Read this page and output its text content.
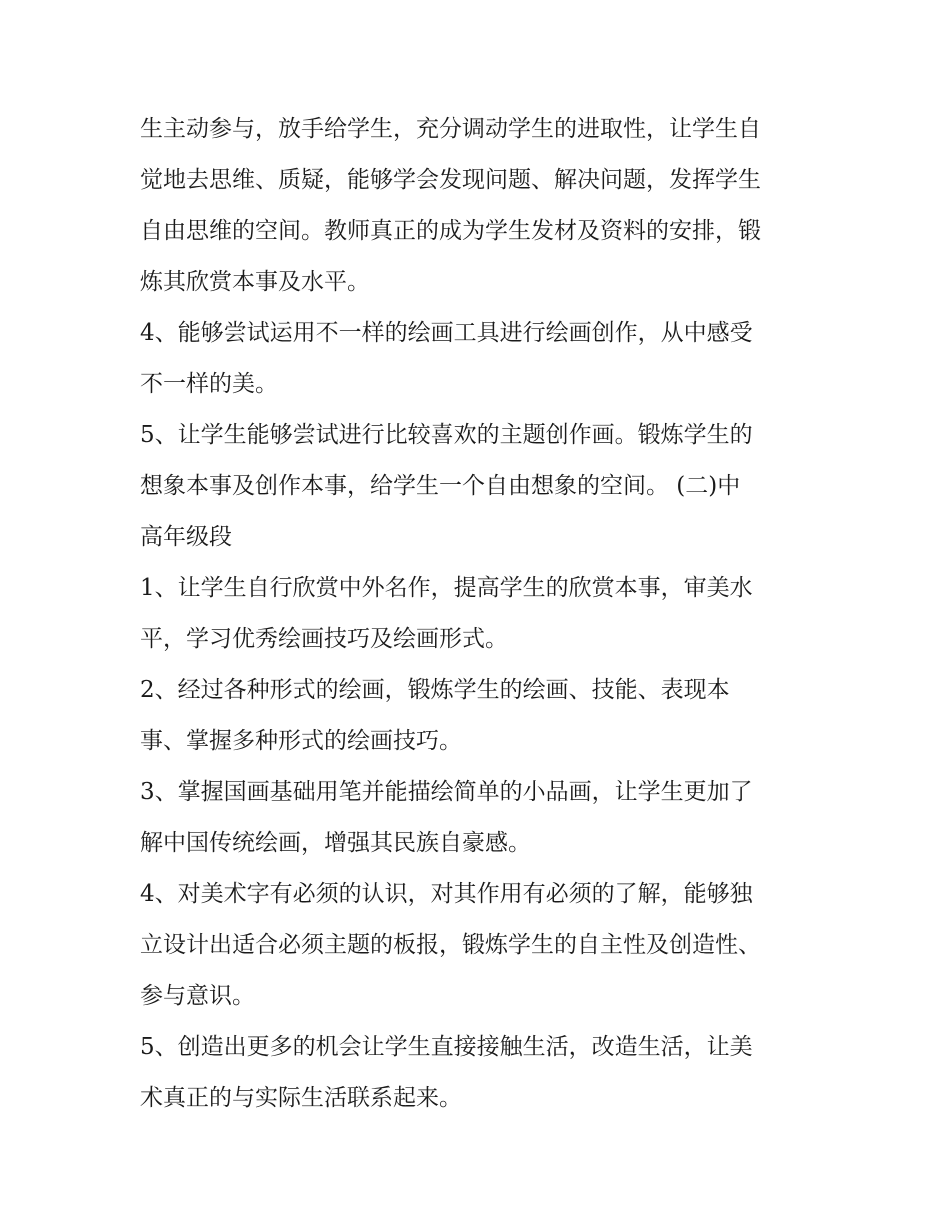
生主动参与，放手给学生，充分调动学生的进取性，让学生自
觉地去思维、质疑，能够学会发现问题、解决问题，发挥学生
自由思维的空间。教师真正的成为学生发材及资料的安排，锻
炼其欣赏本事及水平。
4、能够尝试运用不一样的绘画工具进行绘画创作，从中感受
不一样的美。
5、让学生能够尝试进行比较喜欢的主题创作画。锻炼学生的
想象本事及创作本事，给学生一个自由想象的空间。 (二)中
高年级段
1、让学生自行欣赏中外名作，提高学生的欣赏本事，审美水
平，学习优秀绘画技巧及绘画形式。
2、经过各种形式的绘画，锻炼学生的绘画、技能、表现本
事、掌握多种形式的绘画技巧。
3、掌握国画基础用笔并能描绘简单的小品画，让学生更加了
解中国传统绘画，增强其民族自豪感。
4、对美术字有必须的认识，对其作用有必须的了解，能够独
立设计出适合必须主题的板报，锻炼学生的自主性及创造性、
参与意识。
5、创造出更多的机会让学生直接接触生活，改造生活，让美
术真正的与实际生活联系起来。
